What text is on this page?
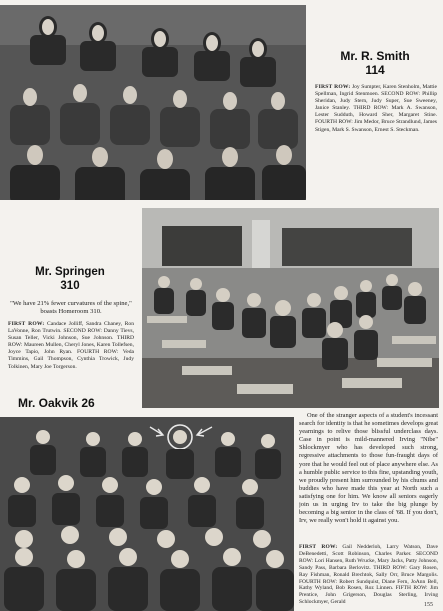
Mr. R. Smith
114
FIRST ROW: Joy Sumpter, Karen Stenholm, Mattie Spellman, Ingrid Stenmoen. SECOND ROW: Phillip Sheridan, Judy Stern, Judy Super, Sue Sweeney, Janice Stanley. THIRD ROW: Mark A. Swanson, Lester Sudduth, Howard Sher, Margaret Stine. FOURTH ROW: Jim Medor, Bruce Strandlund, James Stigen, Mark S. Swanson, Ernest S. Steckman.
Mr. Springen
310
"We have 21% fewer curvatures of the spine," boasts Homeroom 310.
FIRST ROW: Candace Jolliff, Sandra Chaney, Ron LaVonne, Ron Trutwin. SECOND ROW: Danny Tievs, Susan Teller, Vicki Johnson, Sue Johnson. THIRD ROW: Maureen Mullen, Cheryl Jones, Karen Tollefsen, Joyce Tapio, John Ryan. FOURTH ROW: Veda Timmins, Gail Thompson, Cynthia Trowick, Judy Tolkinen, Mary Joe Torgerson.
Mr. Oakvik 26
One of the stranger aspects of a student's incessant search for identity is that he sometimes develops great yearnings to relive those blissful underclass days. Case in point is mild-mannered Irving "Nibe" Shlockmyer who has developed such strong, regressive attachments to those fun-fraught days of yore that he would feel out of place anywhere else. As a humble public service to this fine, upstanding youth, we proudly present him surrounded by his chums and buddies who have made this year at North such a satisfying one for him. We know all seniors eagerly join us in urging Irv to take the big plunge by becoming a big senior in the class of '68. If you don't, Irv, we really won't hold it against you.
FIRST ROW: Gail Nedderloh, Larry Watson, Dave DeBenedetti, Scott Robinson, Charles Parker. SECOND ROW: Lori Hansen, Ruth Wrucke, Mary Jacks, Patty Johnson, Sandy Pass, Barbara Berlovitz. THIRD ROW: Gary Rosen, Ray Fishman, Ronald Brechtok, Sally Orr, Bruce Margolis. FOURTH ROW: Robert Sundquist, Diane Fern, JoAnn Bell, Kathy Wyland, Bob Rosen, Roz Linnen. FIFTH ROW: Jim Prentice, John Grigerson, Douglas Sterling, Irving Schlockmyer, Gerald	155
